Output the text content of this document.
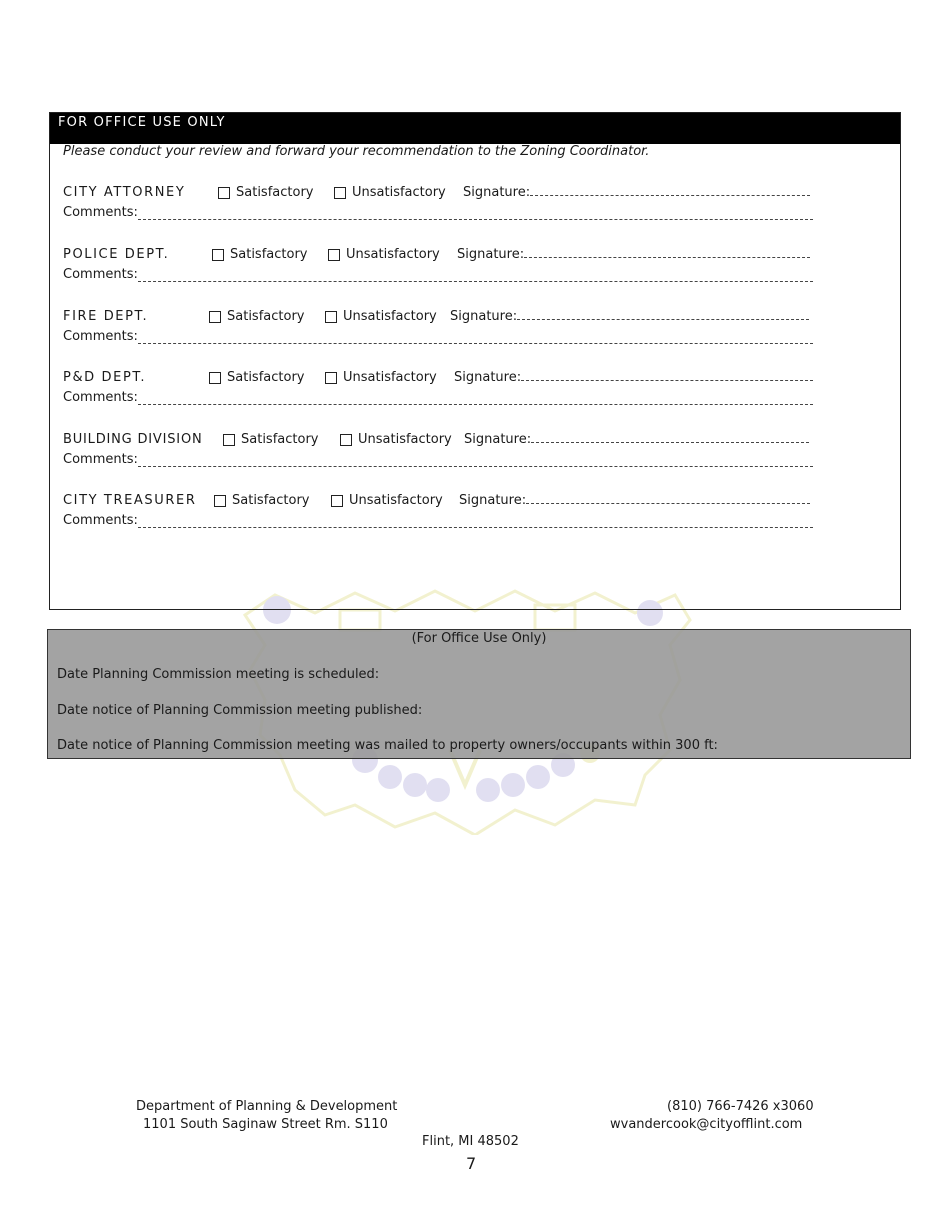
FOR OFFICE USE ONLY
Please conduct your review and forward your recommendation to the Zoning Coordinator.
CITY ATTORNEY	Satisfactory	Unsatisfactory Signature:
Comments:
POLICE DEPT.	Satisfactory	Unsatisfactory Signature:
Comments:
FIRE DEPT.	Satisfactory	Unsatisfactory Signature:
Comments:
P&D DEPT.	Satisfactory	Unsatisfactory Signature:
Comments:
BUILDING DIVISION	Satisfactory	Unsatisfactory Signature:
Comments:
CITY TREASURER	Satisfactory	Unsatisfactory Signature:
Comments:
(For Office Use Only)
Date Planning Commission meeting is scheduled:
Date notice of Planning Commission meeting published:
Date notice of Planning Commission meeting was mailed to property owners/occupants within 300 ft:
Department of Planning & Development
1101 South Saginaw Street Rm. S110
Flint, MI 48502
(810) 766-7426 x3060
wvandercook@cityofflint.com
7
